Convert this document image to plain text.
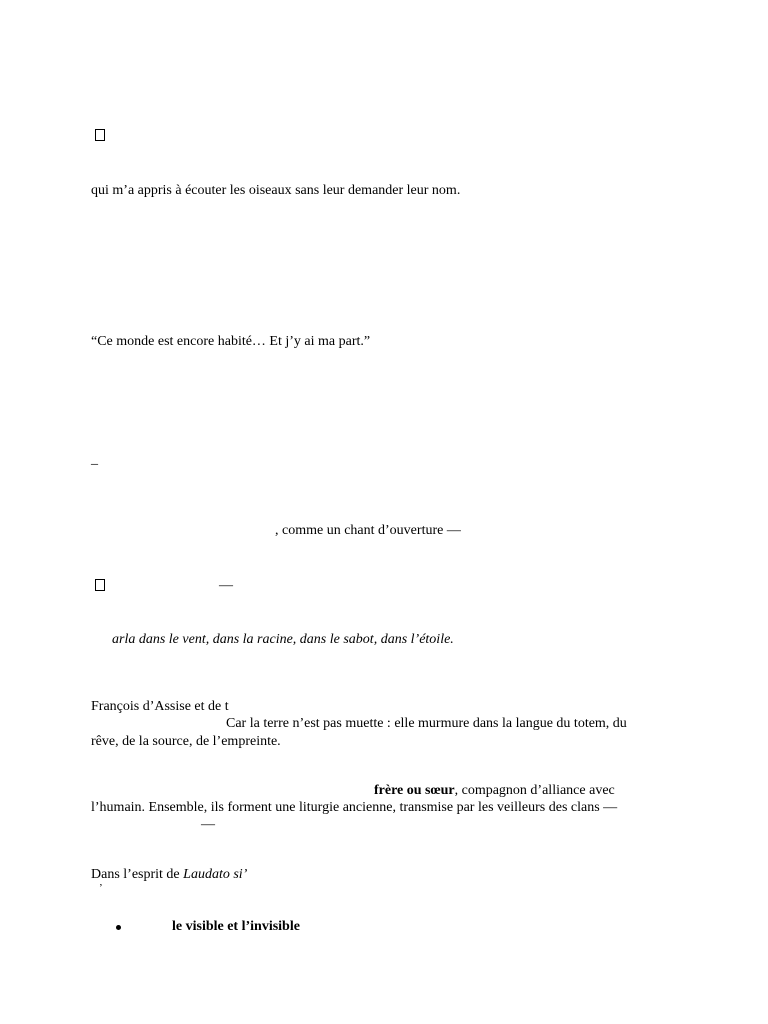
qui m’a appris à écouter les oiseaux sans leur demander leur nom.
“Ce monde est encore habité… Et j’y ai ma part.”
_
, comme un chant d’ouverture —
—
arla dans le vent, dans la racine, dans le sabot, dans l’étoile.
François d’Assise et de t
Car la terre n’est pas muette : elle murmure dans la langue du totem, du
rêve, de la source, de l’empreinte.
frère ou sœur, compagnon d’alliance avec
l’humain. Ensemble, ils forment une liturgie ancienne, transmise par les veilleurs des clans —
—
Dans l’esprit de Laudato si’
’
le visible et l’invisible
